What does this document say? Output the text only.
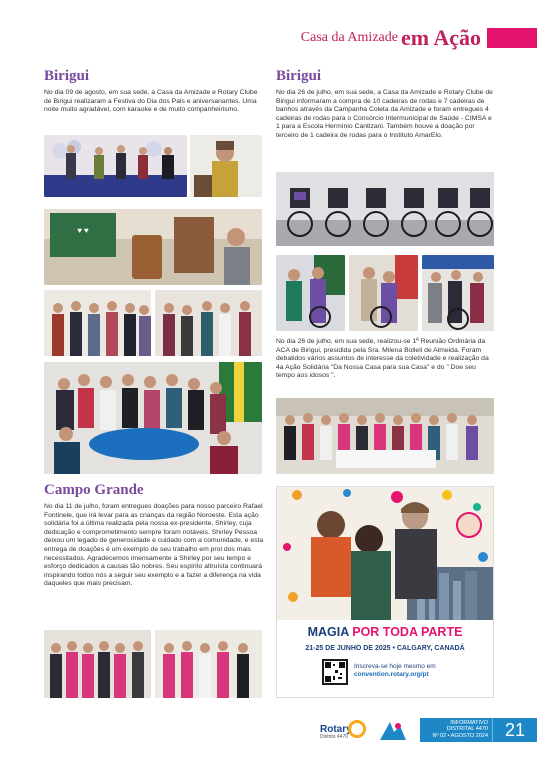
Casa da Amizade em Ação
Birigui

No dia 09 de agosto, em sua sede, a Casa da Amizade e Rotary Clube de Birigui realizaram a Festiva do Dia dos Pais e aniversariantes. Uma noite muito agradável, com karaoke e de muito companheirismo.

♥ ♥
Campo Grande

No dia 11 de julho, foram entregues doações para nosso parceiro Rafael Fontinele, que irá levar para as crianças da região Noroeste. Esta ação solidária foi a última realizada pela nossa ex-presidente, Shirley, cuja dedicação e comprometimento sempre foram notáveis. Shirley Pessoa deixou um legado de generosidade e cuidado com a comunidade, e esta entrega de doações é um exemplo de seu trabalho em prol dos mais necessitados. Agradecemos imensamente a Shirley por seu tempo e esforço dedicados a causas tão nobres. Seu espírito altruísta continuará inspirando todos nós a seguir seu exemplo e a fazer a diferença na vida daqueles que mais precisam.

Birigui

No dia 26 de julho, em sua sede, a Casa da Amizade e Rotary Clube de Birigui informaram a compra de 10 cadeiras de rodas e 7 cadeiras de banhos através da Campanha Coleta da Amizade e foram entregues 4 cadeiras de rodas para o Consórcio Intermunicipal de Saúde - CIMSA e 1 para a Escola Hermínio Cantizani. Também houve a doação por terceiro de 1 cadeira de rodas para o Instituto AmarElo.

No dia 26 de julho, em sua sede, realizou-se 1ª Reunião Ordinária da ACA de Birigui, presidida pela Sra. Milena Bolleli de Almeida. Foram debatidos vários assuntos de interesse da coletividade e realização da 4a Ação Solidária "Da Nossa Casa para sua Casa" e do " Doe seu tempo aos idosos ".

MAGIA POR TODA PARTE
21-25 DE JUNHO DE 2025 • CALGARY, CANADÁ
Inscreva-se hoje mesmo em
convention.rotary.org/pt
Rotary
Distrito 4470
INFORMATIVO
DISTRITAL 4470
Nº 02 • AGOSTO 2024 21
